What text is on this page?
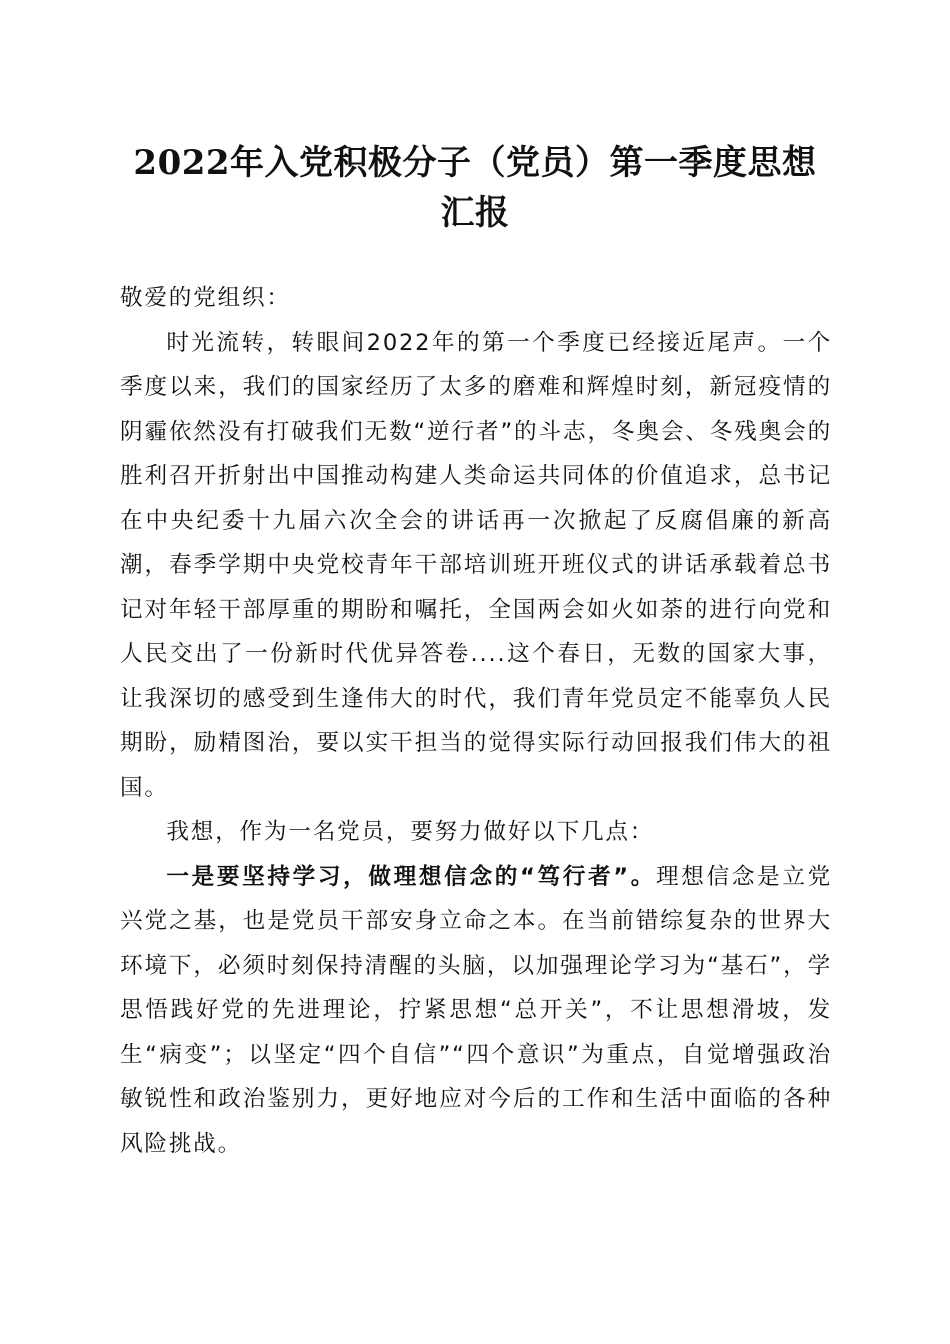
2022年入党积极分子（党员）第一季度思想
汇报

敬爱的党组织：

时光流转，转眼间2022年的第一个季度已经接近尾声。一个季度以来，我们的国家经历了太多的磨难和辉煌时刻，新冠疫情的阴霾依然没有打破我们无数“逆行者”的斗志，冬奥会、冬残奥会的胜利召开折射出中国推动构建人类命运共同体的价值追求，总书记在中央纪委十九届六次全会的讲话再一次掀起了反腐倡廉的新高潮，春季学期中央党校青年干部培训班开班仪式的讲话承载着总书记对年轻干部厚重的期盼和嘱托，全国两会如火如荼的进行向党和人民交出了一份新时代优异答卷....这个春日，无数的国家大事，让我深切的感受到生逢伟大的时代，我们青年党员定不能辜负人民期盼，励精图治，要以实干担当的觉得实际行动回报我们伟大的祖国。

我想，作为一名党员，要努力做好以下几点：

一是要坚持学习，做理想信念的“笃行者”。理想信念是立党兴党之基，也是党员干部安身立命之本。在当前错综复杂的世界大环境下，必须时刻保持清醒的头脑，以加强理论学习为“基石”，学思悟践好党的先进理论，拧紧思想“总开关”，不让思想滑坡，发生“病变”；以坚定“四个自信”“四个意识”为重点，自觉增强政治敏锐性和政治鉴别力，更好地应对今后的工作和生活中面临的各种风险挑战。
